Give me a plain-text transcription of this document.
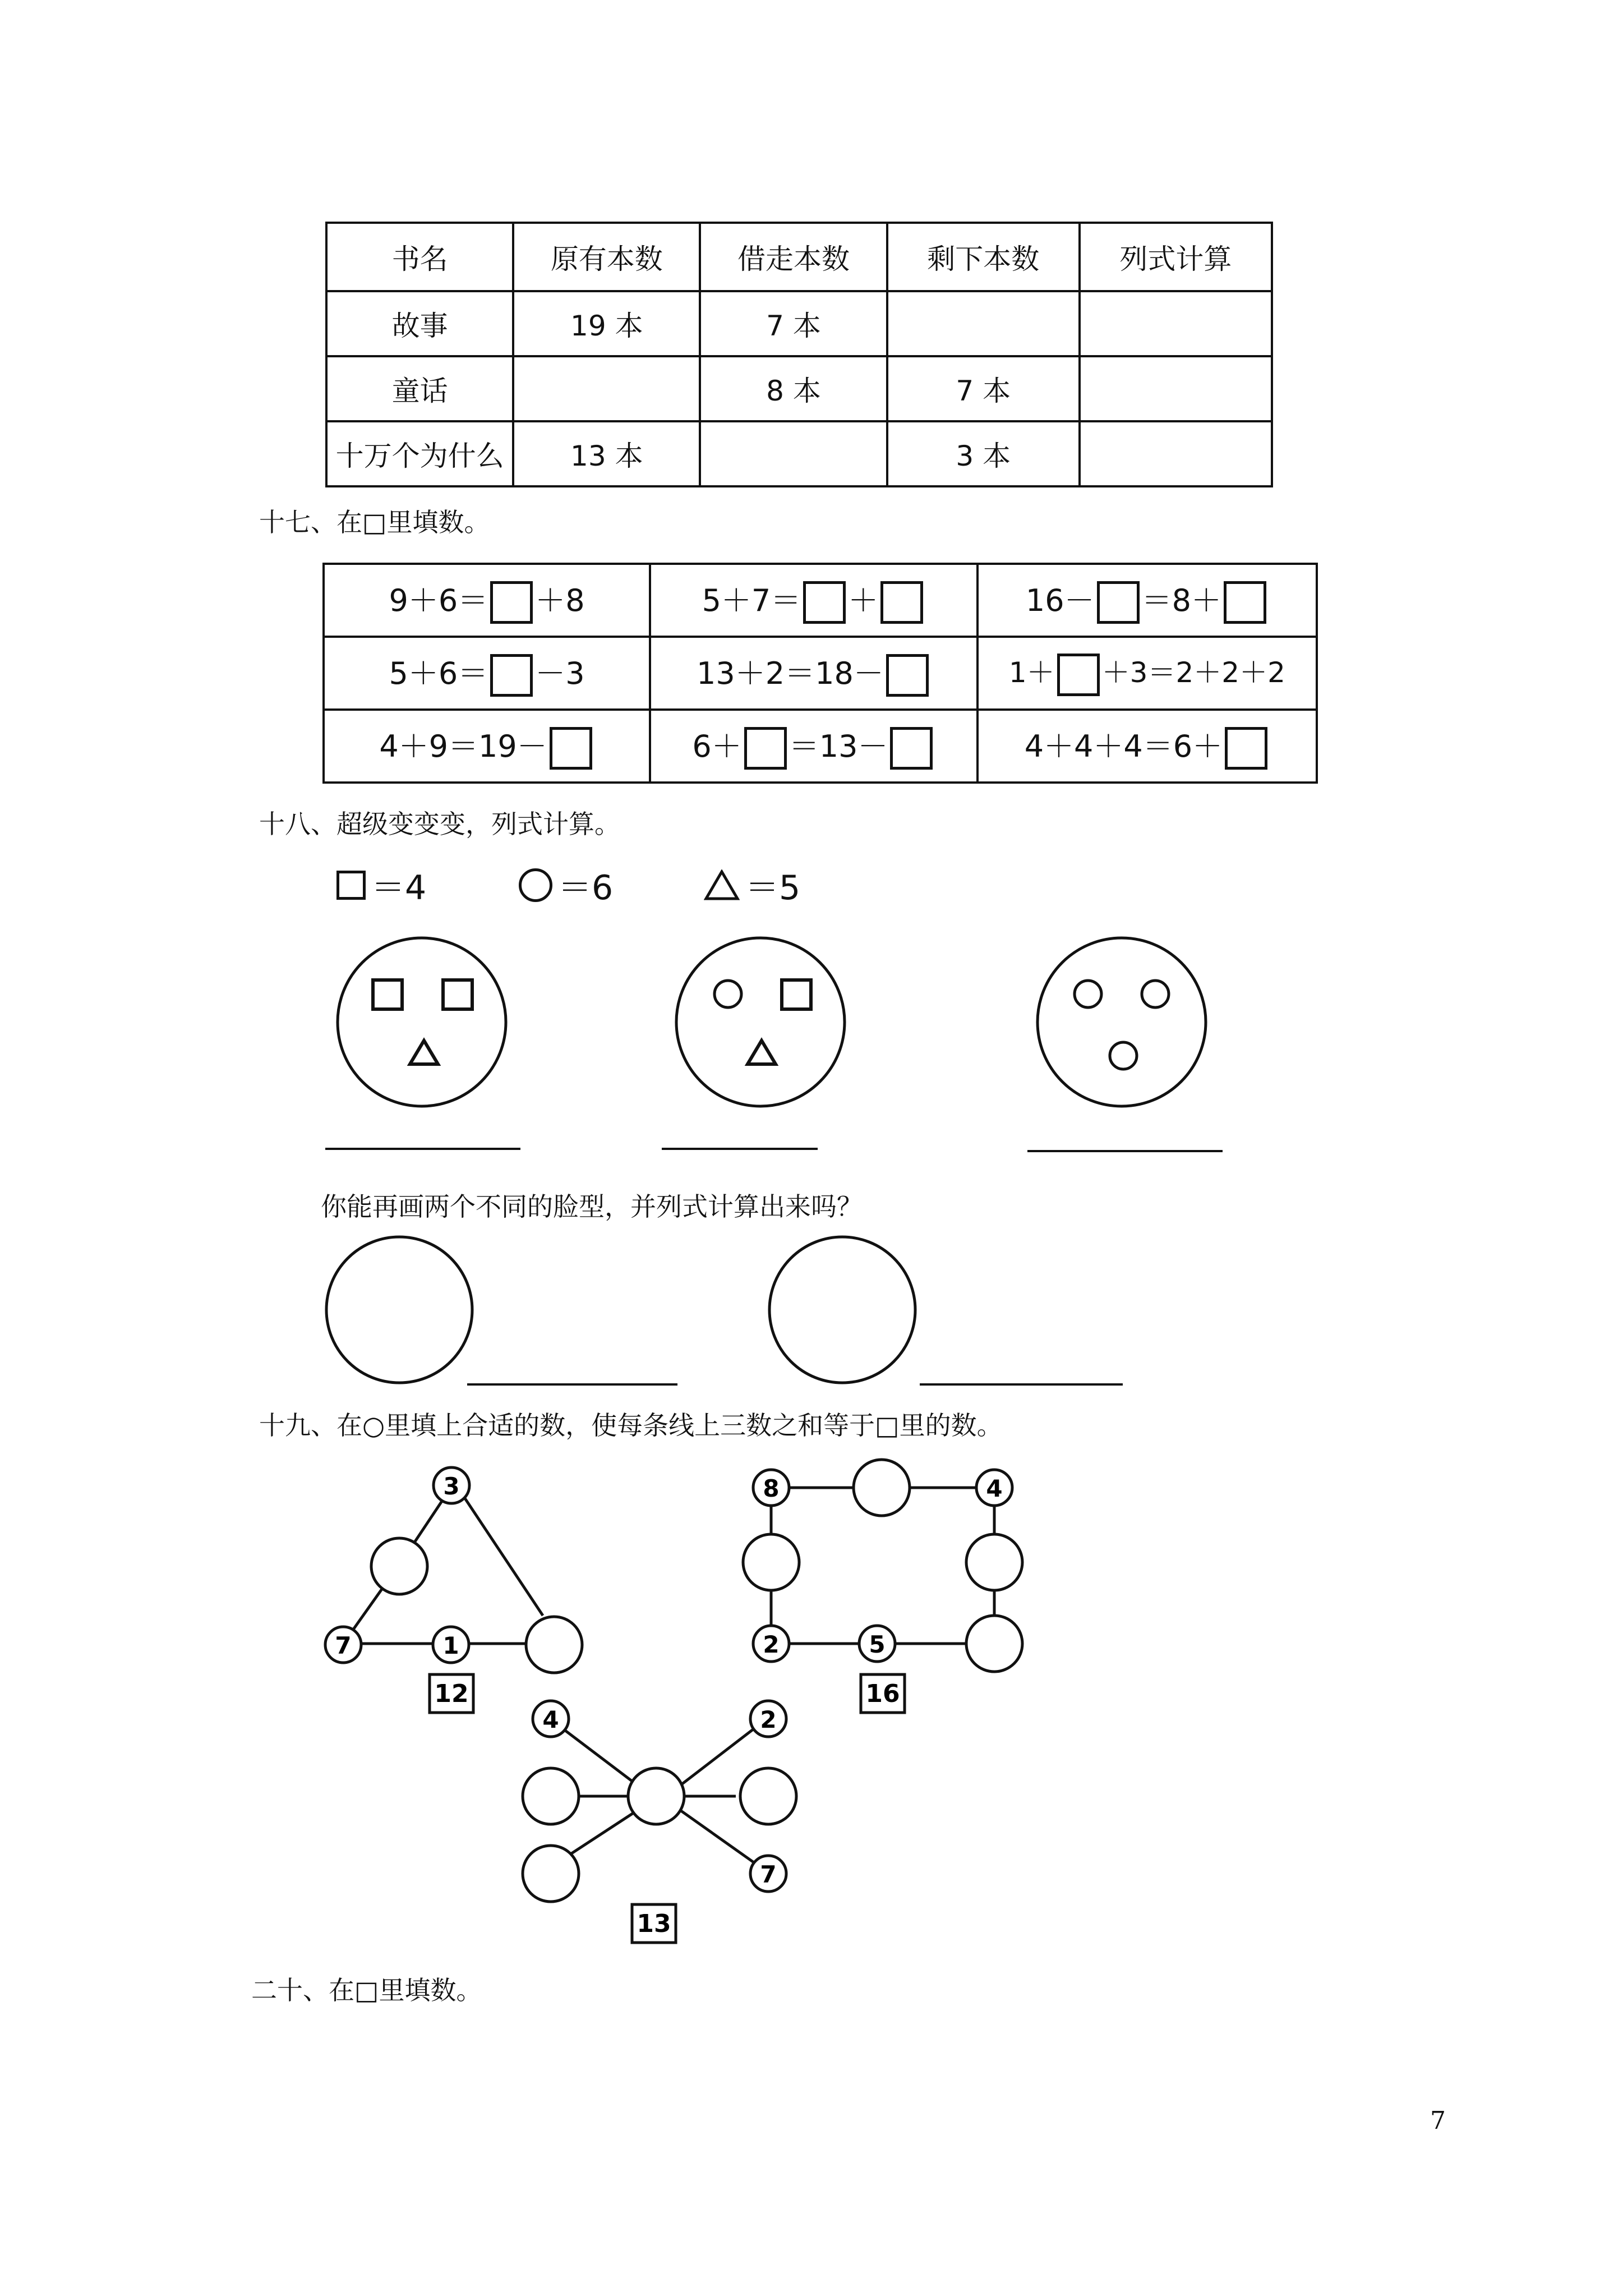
书名	原有本数	借走本数	剩下本数	列式计算
故事	19 本	7 本		
童话		8 本	7 本	
十万个为什么	13 本		3 本	
十七、在□里填数。
9＋6＝ ＋8	5＋7＝ ＋	16－ ＝8＋
5＋6＝ －3	13＋2＝18－	1＋ ＋3＝2＋2＋2
4＋9＝19－	6＋ ＝13－	4＋4＋4＝6＋
十八、超级变变变，列式计算。
＝4	＝6	＝5
你能再画两个不同的脸型，并列式计算出来吗？
十九、在○里填上合适的数，使每条线上三数之和等于□里的数。
3
7	1
12
8	4
2	5
16
4	2
7
13
二十、在□里填数。
7
